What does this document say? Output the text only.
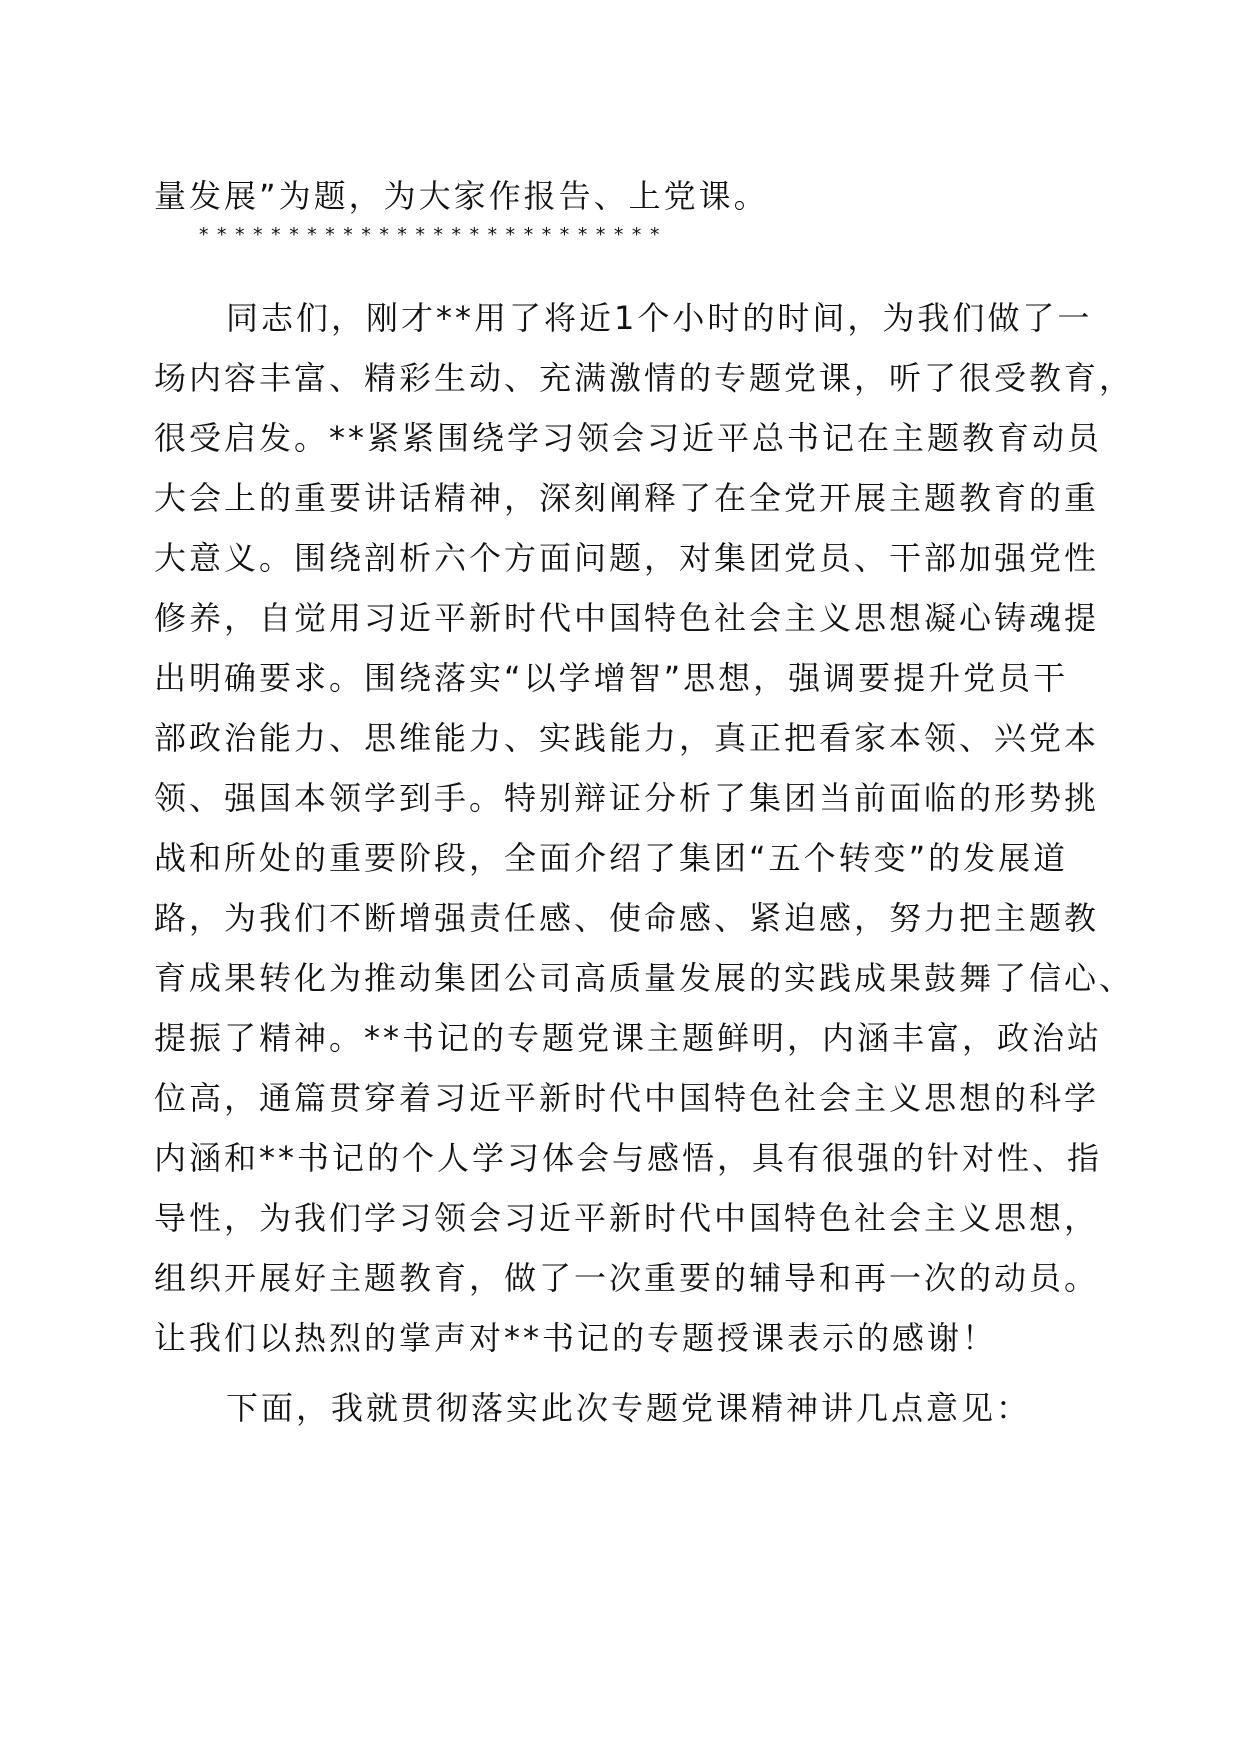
量发展”为题，为大家作报告、上党课。
**************************
同志们，刚才**用了将近1个小时的时间，为我们做了一
场内容丰富、精彩生动、充满激情的专题党课，听了很受教育，
很受启发。**紧紧围绕学习领会习近平总书记在主题教育动员
大会上的重要讲话精神，深刻阐释了在全党开展主题教育的重
大意义。围绕剖析六个方面问题，对集团党员、干部加强党性
修养，自觉用习近平新时代中国特色社会主义思想凝心铸魂提
出明确要求。围绕落实“以学增智”思想，强调要提升党员干
部政治能力、思维能力、实践能力，真正把看家本领、兴党本
领、强国本领学到手。特别辩证分析了集团当前面临的形势挑
战和所处的重要阶段，全面介绍了集团“五个转变”的发展道
路，为我们不断增强责任感、使命感、紧迫感，努力把主题教
育成果转化为推动集团公司高质量发展的实践成果鼓舞了信心、
提振了精神。**书记的专题党课主题鲜明，内涵丰富，政治站
位高，通篇贯穿着习近平新时代中国特色社会主义思想的科学
内涵和**书记的个人学习体会与感悟，具有很强的针对性、指
导性，为我们学习领会习近平新时代中国特色社会主义思想，
组织开展好主题教育，做了一次重要的辅导和再一次的动员。
让我们以热烈的掌声对**书记的专题授课表示的感谢！
下面，我就贯彻落实此次专题党课精神讲几点意见：
